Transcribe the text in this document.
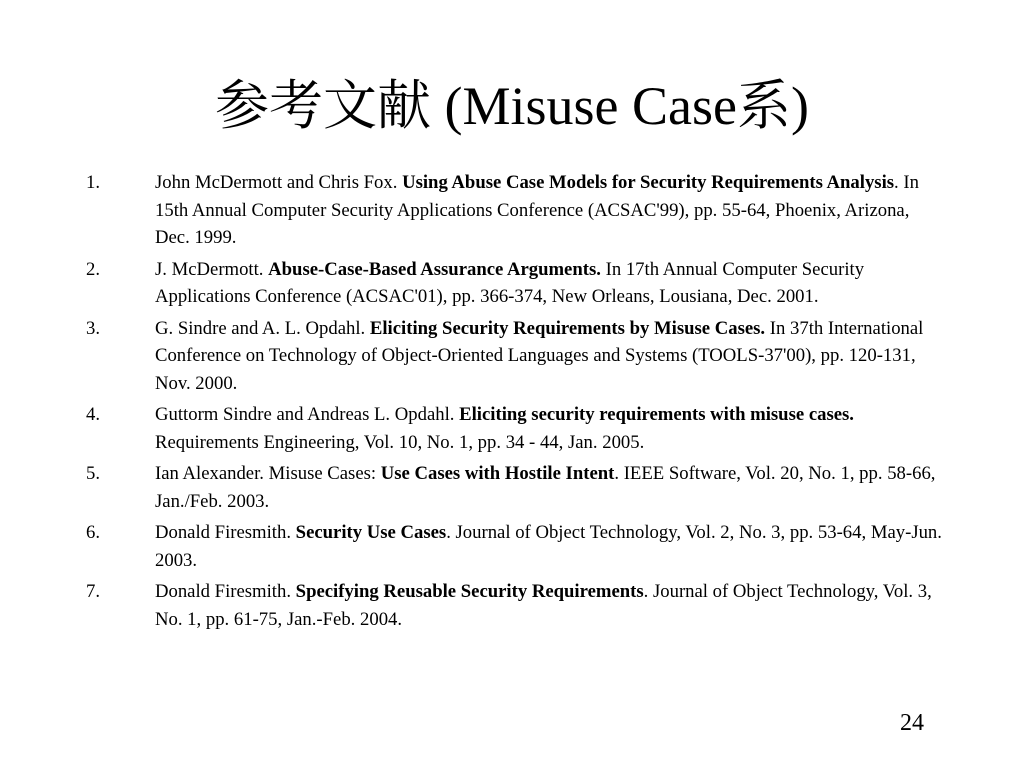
参考文献 (Misuse Case系)
1.	John McDermott and Chris Fox. Using Abuse Case Models for Security Requirements Analysis. In 15th Annual Computer Security Applications Conference (ACSAC'99), pp. 55-64, Phoenix, Arizona, Dec. 1999.
2.	J. McDermott. Abuse-Case-Based Assurance Arguments. In 17th Annual Computer Security Applications Conference (ACSAC'01), pp. 366-374, New Orleans, Lousiana, Dec. 2001.
3.	G. Sindre and A. L. Opdahl. Eliciting Security Requirements by Misuse Cases. In 37th International Conference on Technology of Object-Oriented Languages and Systems (TOOLS-37'00), pp. 120-131, Nov. 2000.
4.	Guttorm Sindre and Andreas L. Opdahl. Eliciting security requirements with misuse cases. Requirements Engineering, Vol. 10, No. 1, pp. 34 - 44, Jan. 2005.
5.	Ian Alexander. Misuse Cases: Use Cases with Hostile Intent. IEEE Software, Vol. 20, No. 1, pp. 58-66, Jan./Feb. 2003.
6.	Donald Firesmith. Security Use Cases. Journal of Object Technology, Vol. 2, No. 3, pp. 53-64, May-Jun. 2003.
7.	Donald Firesmith. Specifying Reusable Security Requirements. Journal of Object Technology, Vol. 3, No. 1, pp. 61-75, Jan.-Feb. 2004.
24
